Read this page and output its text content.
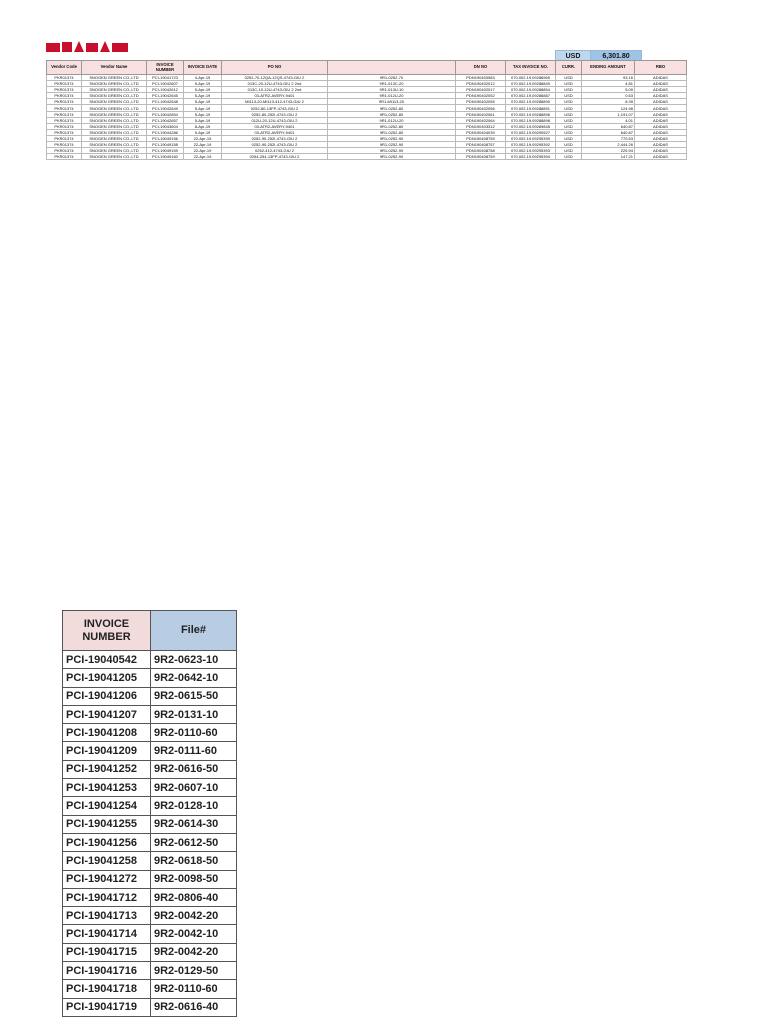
USD	6,301.80
Vendor Code	Vendor Name	INVOICE NUMBER	INVOICE DATE	PO NO		DN NO	TAX INVOICE NO.	CURR.	ENDING AMOUNT	RBO
PKR01374	SNOGEN GREEN CO.,LTD	PCI-19041723	4-Apr-19	0252-70-12QA-12QS-4743-GIU 2	9R1-0252-70	PDN190400983	070.002.19.09288965	USD	93.16	ADIDAS
PKR01374	SNOGEN GREEN CO.,LTD	PCI-19042607	5-Apr-19	013C-20-12U-4743-GIU 2 2nd	9R1-013C-20	PDN190402012	070.002.19.09288849	USD	4.81	ADIDAS
PKR01374	SNOGEN GREEN CO.,LTD	PCI-19042612	5-Apr-19	013C-10-12U-4743-GIU 2 2nd	9R1-013U-10	PDN190402017	070.002.19.09288854	USD	5.09	ADIDAS
PKR01374	SNOGEN GREEN CO.,LTD	PCI-19042645	5-Apr-19	03-ATR2-AVERY-9401	9R1-012U-20	PDN190402052	070.002.19.09288887	USD	0.63	ADIDAS
PKR01374	SNOGEN GREEN CO.,LTD	PCI-19042648	5-Apr-19	MI113-20-MI113-412-4743-GIU 2	9R1-MI113-20	PDN190402055	070.002.19.09288890	USD	8.39	ADIDAS
PKR01374	SNOGEN GREEN CO.,LTD	PCI-19042649	5-Apr-19	0252-80-13FP-4743-GIU 2	9R1-0252-80	PDN190402056	070.002.19.09288891	USD	124.98	ADIDAS
PKR01374	SNOGEN GREEN CO.,LTD	PCI-19042654	5-Apr-19	0252-80-252I-4743-GIU 2	9R1-0252-80	PDN190402061	070.002.19.09288896	USD	1,191.07	ADIDAS
PKR01374	SNOGEN GREEN CO.,LTD	PCI-19042657	5-Apr-19	012U-20-12U-4743-GIU 2	9R1-012U-20	PDN190402064	070.002.19.09288898	USD	4.01	ADIDAS
PKR01374	SNOGEN GREEN CO.,LTD	PCI-19043604	8-Apr-19	03-ATR2-AVERY-9401	9R1-0252-80	PDN190403312	070.002.19.09289845	USD	640.87	ADIDAS
PKR01374	SNOGEN GREEN CO.,LTD	PCI-19044286	9-Apr-19	03-ATR2-AVERY-9401	9R1-0252-80	PDN190404039	070.002.19.09290527	USD	640.87	ADIDAS
PKR01374	SNOGEN GREEN CO.,LTD	PCI-19049156	22-Apr-19	0252-90-252I-4743-GIU 2	9R1-0252-90	PDN190408755	070.002.19.09295390	USD	770.53	ADIDAS
PKR01374	SNOGEN GREEN CO.,LTD	PCI-19049158	22-Apr-19	0252-90-252I-4743-GIU 2	9R1-0252-90	PDN190408757	070.002.19.09295392	USD	2,444.26	ADIDAS
PKR01374	SNOGEN GREEN CO.,LTD	PCI-19049159	22-Apr-19	0252-412-4743-GIU 2	9R1-0252-90	PDN190408758	070.002.19.09295393	USD	225.94	ADIDAS
PKR01374	SNOGEN GREEN CO.,LTD	PCI-19049160	22-Apr-19	0254-254-13FP-4743-GIU 2	9R1-0252-90	PDN190408759	070.002.19.09295394	USD	147.21	ADIDAS
INVOICE NUMBER	File#
PCI-19040542	9R2-0623-10
PCI-19041205	9R2-0642-10
PCI-19041206	9R2-0615-50
PCI-19041207	9R2-0131-10
PCI-19041208	9R2-0110-60
PCI-19041209	9R2-0111-60
PCI-19041252	9R2-0616-50
PCI-19041253	9R2-0607-10
PCI-19041254	9R2-0128-10
PCI-19041255	9R2-0614-30
PCI-19041256	9R2-0612-50
PCI-19041258	9R2-0618-50
PCI-19041272	9R2-0098-50
PCI-19041712	9R2-0806-40
PCI-19041713	9R2-0042-20
PCI-19041714	9R2-0042-10
PCI-19041715	9R2-0042-20
PCI-19041716	9R2-0129-50
PCI-19041718	9R2-0110-60
PCI-19041719	9R2-0616-40
